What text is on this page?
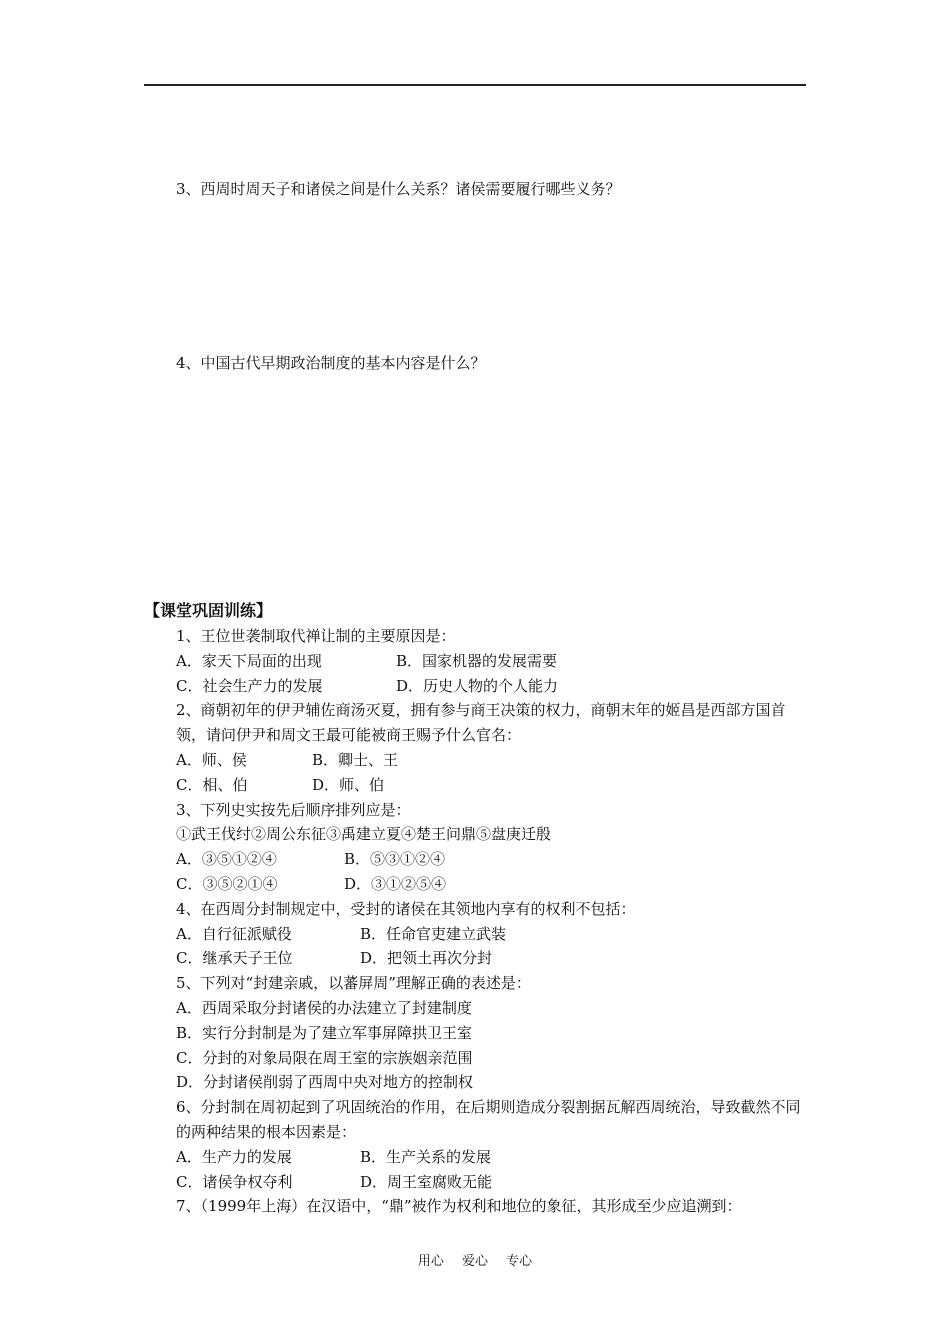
3、西周时周天子和诸侯之间是什么关系？诸侯需要履行哪些义务？
4、中国古代早期政治制度的基本内容是什么？
【课堂巩固训练】
1、王位世袭制取代禅让制的主要原因是：
A．家天下局面的出现	B．国家机器的发展需要
C．社会生产力的发展	D．历史人物的个人能力
2、商朝初年的伊尹辅佐商汤灭夏，拥有参与商王决策的权力，商朝末年的姬昌是西部方国首领，请问伊尹和周文王最可能被商王赐予什么官名：
A．师、侯	B．卿士、王
C．相、伯	D．师、伯
3、下列史实按先后顺序排列应是：
①武王伐纣②周公东征③禹建立夏④楚王问鼎⑤盘庚迁殷
A．③⑤①②④	B．⑤③①②④
C．③⑤②①④	D．③①②⑤④
4、在西周分封制规定中，受封的诸侯在其领地内享有的权利不包括：
A．自行征派赋役	B．任命官吏建立武装
C．继承天子王位	D．把领土再次分封
5、下列对“封建亲戚，以蕃屏周”理解正确的表述是：
A．西周采取分封诸侯的办法建立了封建制度
B．实行分封制是为了建立军事屏障拱卫王室
C．分封的对象局限在周王室的宗族姻亲范围
D．分封诸侯削弱了西周中央对地方的控制权
6、分封制在周初起到了巩固统治的作用，在后期则造成分裂割据瓦解西周统治，导致截然不同的两种结果的根本因素是：
A．生产力的发展	B．生产关系的发展
C．诸侯争权夺利	D．周王室腐败无能
7、（1999年上海）在汉语中，“鼎”被作为权利和地位的象征，其形成至少应追溯到：
用心 爱心 专心
